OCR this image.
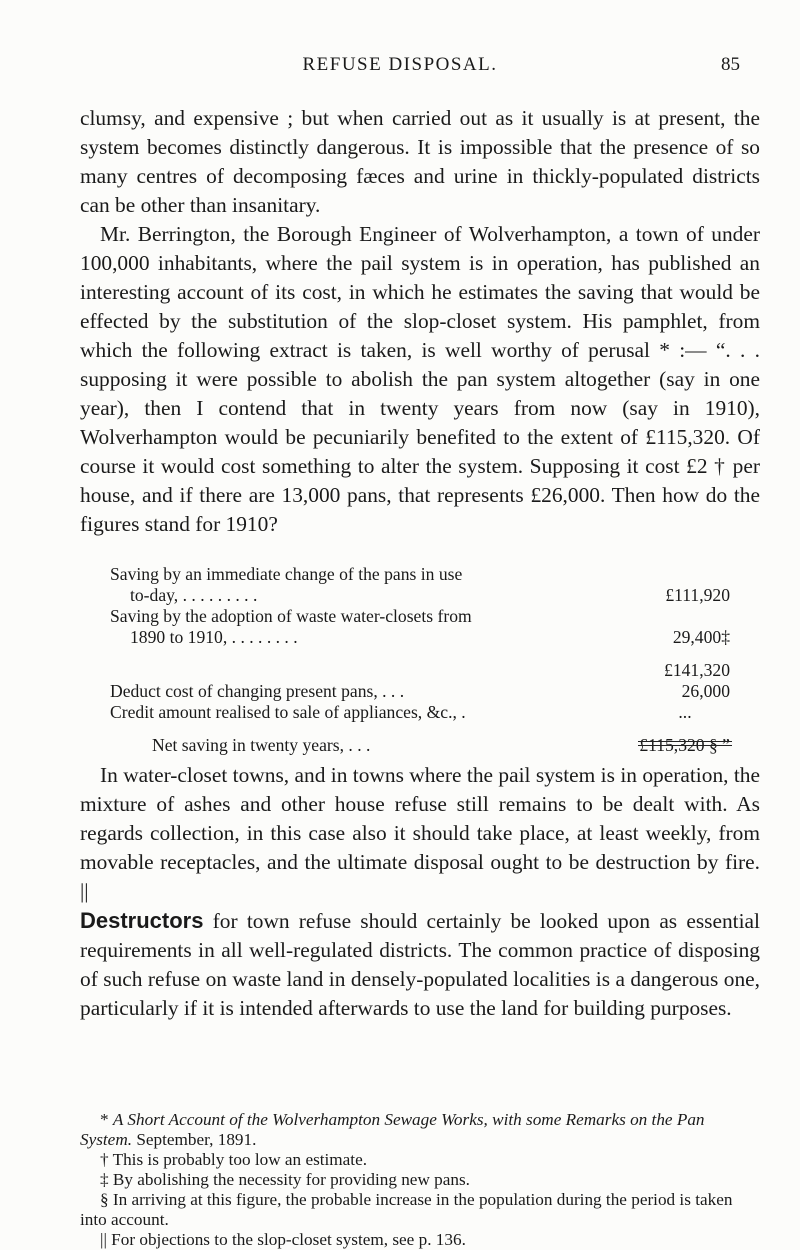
REFUSE DISPOSAL.	85

clumsy, and expensive ; but when carried out as it usually is at present, the system becomes distinctly dangerous. It is impossible that the presence of so many centres of decomposing fæces and urine in thickly-populated districts can be other than insanitary.

Mr. Berrington, the Borough Engineer of Wolverhampton, a town of under 100,000 inhabitants, where the pail system is in operation, has published an interesting account of its cost, in which he estimates the saving that would be effected by the substitution of the slop-closet system. His pamphlet, from which the following extract is taken, is well worthy of perusal * :— “. . . supposing it were possible to abolish the pan system altogether (say in one year), then I contend that in twenty years from now (say in 1910), Wolverhampton would be pecuniarily benefited to the extent of £115,320. Of course it would cost something to alter the system. Supposing it cost £2 † per house, and if there are 13,000 pans, that represents £26,000. Then how do the figures stand for 1910?

Saving by an immediate change of the pans in use
to-day, . . . . . . . . .	£111,920
Saving by the adoption of waste water-closets from
1890 to 1910, . . . . . . . .	29,400‡
£141,320
Deduct cost of changing present pans, . . .	26,000
Credit amount realised to sale of appliances, &c., .	...
Net saving in twenty years, . . .	£115,320 § ”

In water-closet towns, and in towns where the pail system is in operation, the mixture of ashes and other house refuse still remains to be dealt with. As regards collection, in this case also it should take place, at least weekly, from movable receptacles, and the ultimate disposal ought to be destruction by fire. ||

Destructors for town refuse should certainly be looked upon as essential requirements in all well-regulated districts. The common practice of disposing of such refuse on waste land in densely-populated localities is a dangerous one, particularly if it is intended afterwards to use the land for building purposes.

* A Short Account of the Wolverhampton Sewage Works, with some Remarks on the Pan System. September, 1891.

† This is probably too low an estimate.

‡ By abolishing the necessity for providing new pans.

§ In arriving at this figure, the probable increase in the population during the period is taken into account.

|| For objections to the slop-closet system, see p. 136.
